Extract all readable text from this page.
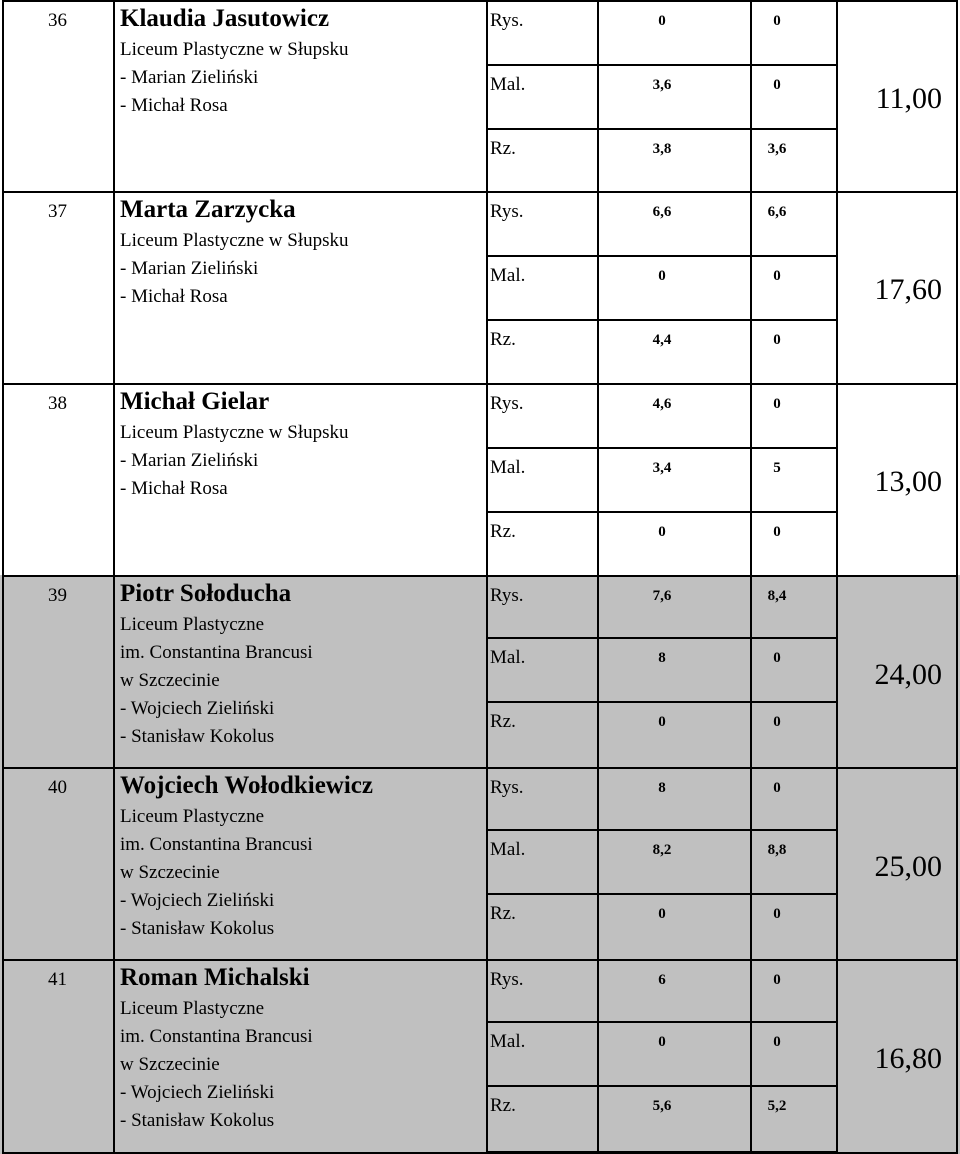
36 Klaudia Jasutowicz
Liceum Plastyczne w Słupsku
- Marian Zieliński
- Michał Rosa
Rys.	0	0
Mal.	3,6	0
Rz.	3,8	3,6
11,00
37 Marta Zarzycka
Liceum Plastyczne w Słupsku
- Marian Zieliński
- Michał Rosa
Rys.	6,6	6,6
Mal.	0	0
Rz.	4,4	0
17,60
38 Michał Gielar
Liceum Plastyczne w Słupsku
- Marian Zieliński
- Michał Rosa
Rys.	4,6	0
Mal.	3,4	5
Rz.	0	0
13,00
39 Piotr Sołoducha
Liceum Plastyczne
im. Constantina Brancusi
w Szczecinie
- Wojciech Zieliński
- Stanisław Kokolus
Rys.	7,6	8,4
Mal.	8	0
Rz.	0	0
24,00
40 Wojciech Wołodkiewicz
Liceum Plastyczne
im. Constantina Brancusi
w Szczecinie
- Wojciech Zieliński
- Stanisław Kokolus
Rys.	8	0
Mal.	8,2	8,8
Rz.	0	0
25,00
41 Roman Michalski
Liceum Plastyczne
im. Constantina Brancusi
w Szczecinie
- Wojciech Zieliński
- Stanisław Kokolus
Rys.	6	0
Mal.	0	0
Rz.	5,6	5,2
16,80
